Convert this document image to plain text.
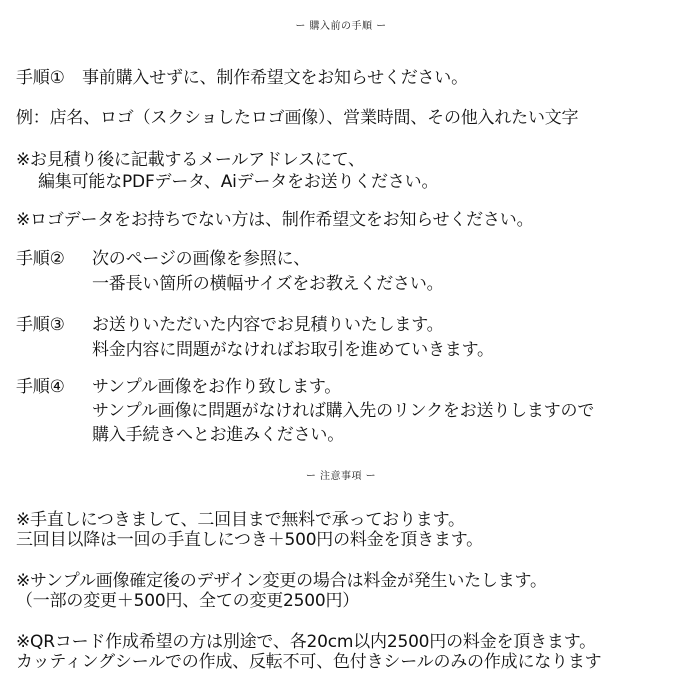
ー 購入前の手順 ー
手順① 事前購入せずに、制作希望文をお知らせください。
例：店名、ロゴ（スクショしたロゴ画像）、営業時間、その他入れたい文字
※お見積り後に記載するメールアドレスにて、
編集可能なPDFデータ、Aiデータをお送りください。
※ロゴデータをお持ちでない方は、制作希望文をお知らせください。
手順② 次のページの画像を参照に、
一番長い箇所の横幅サイズをお教えください。
手順③ お送りいただいた内容でお見積りいたします。
料金内容に問題がなければお取引を進めていきます。
手順④ サンプル画像をお作り致します。
サンプル画像に問題がなければ購入先のリンクをお送りしますので
購入手続きへとお進みください。
ー 注意事項 ー
※手直しにつきまして、二回目まで無料で承っております。
三回目以降は一回の手直しにつき＋500円の料金を頂きます。
※サンプル画像確定後のデザイン変更の場合は料金が発生いたします。
（一部の変更＋500円、全ての変更2500円）
※QRコード作成希望の方は別途で、各20cm以内2500円の料金を頂きます。
カッティングシールでの作成、反転不可、色付きシールのみの作成になります
